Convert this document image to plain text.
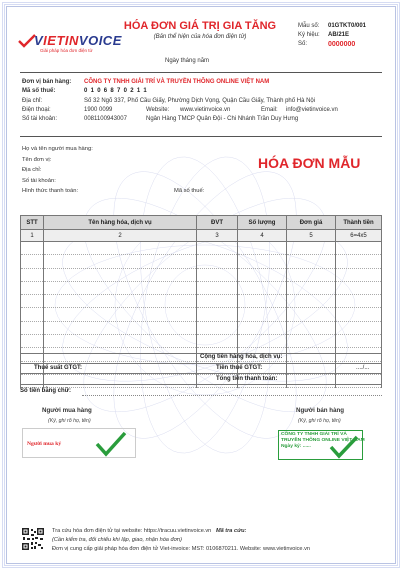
VIETINVOICE
Giải pháp hóa đơn điện tử
HÓA ĐƠN GIÁ TRỊ GIA TĂNG
(Bản thể hiện của hóa đơn điện tử)
Ngày tháng năm
Mẫu số:	01GTKT0/001
Ký hiệu:	AB/21E
Số:	0000000
Đơn vị bán hàng:	CÔNG TY TNHH GIẢI TRÍ VÀ TRUYỀN THÔNG ONLINE VIỆT NAM
Mã số thuế:	0 1 0 6 8 7 0 2 1 1
Địa chỉ:	Số 32 Ngõ 337, Phố Cầu Giấy, Phường Dịch Vọng, Quận Cầu Giấy, Thành phố Hà Nội
Điện thoại:	1900 0099	Website:	www.vietinvoice.vn	Email:	info@vietinvoice.vn
Số tài khoản:	0081100943007	Ngân Hàng TMCP Quân Đội - Chi Nhánh Trần Duy Hưng
Họ và tên người mua hàng:
Tên đơn vị:
Địa chỉ:
Số tài khoản:
Hình thức thanh toán:	Mã số thuế:
HÓA ĐƠN MẪU
STT	Tên hàng hóa, dịch vụ	ĐVT	Số lượng	Đơn giá	Thành tiền
1	2	3	4	5	6=4x5

Cộng tiền hàng hóa, dịch vụ:
Thuế suất GTGT:	Tiền thuế GTGT:	..../...
Tổng tiền thanh toán:
Số tiền bằng chữ:
Người mua hàng
(Ký, ghi rõ họ, tên)
Người mua ký
Người bán hàng
(Ký, ghi rõ họ, tên)
CÔNG TY TNHH GIẢI TRÍ VÀ
TRUYỀN THÔNG ONLINE VIỆT NAM
Ngày ký: ......
Tra cứu hóa đơn điện tử tại website: https://tracuu.vietinvoice.vn Mã tra cứu:
(Cần kiểm tra, đối chiếu khi lập, giao, nhận hóa đơn)
Đơn vị cung cấp giải pháp hóa đơn điện tử Viet-invoice: MST: 0106870211. Website: www.vietinvoice.vn
